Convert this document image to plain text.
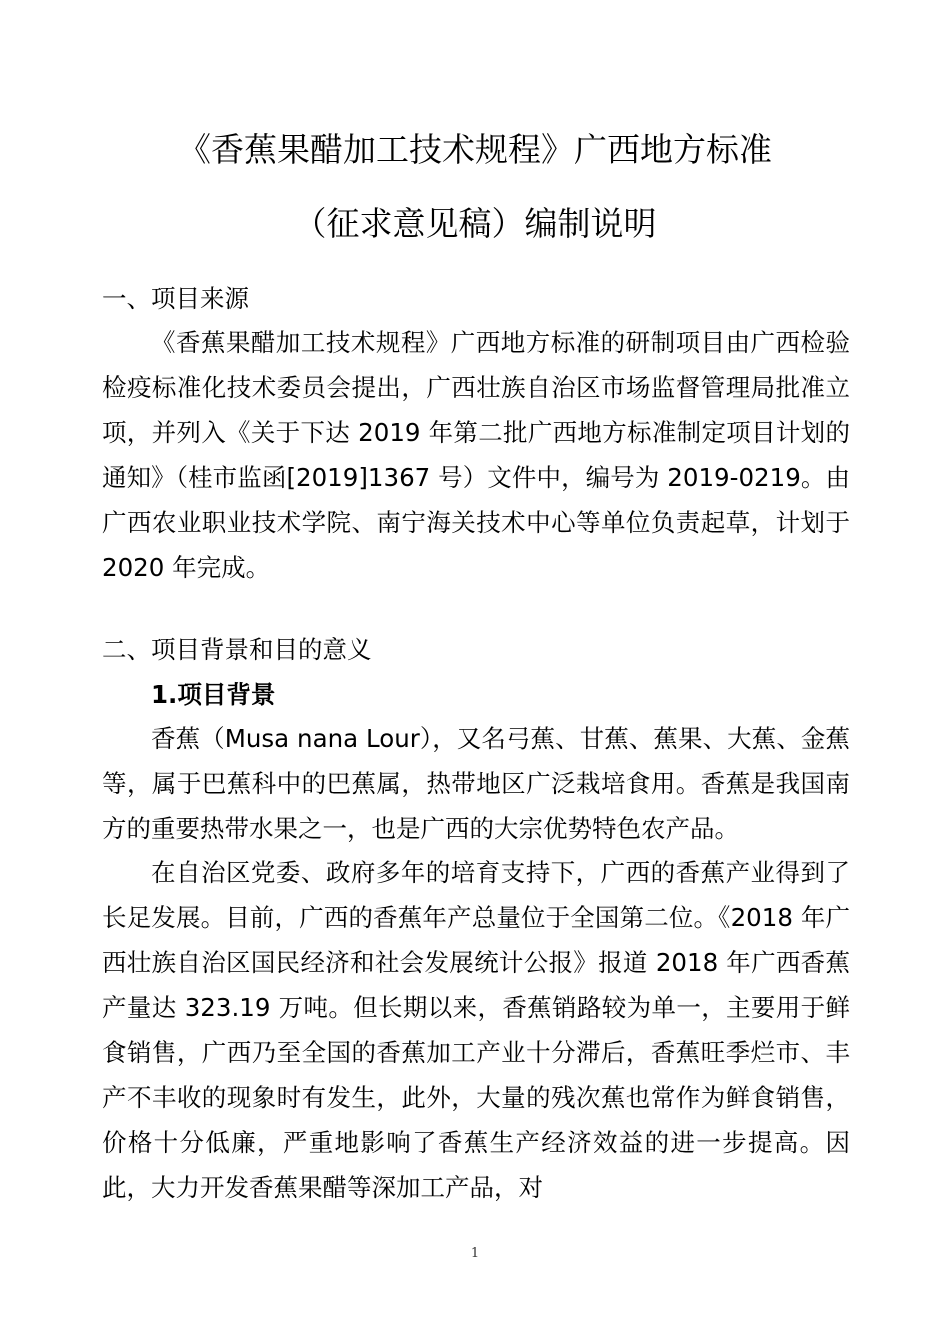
《香蕉果醋加工技术规程》广西地方标准
（征求意见稿）编制说明
一、项目来源

《香蕉果醋加工技术规程》广西地方标准的研制项目由广西检验检疫标准化技术委员会提出，广西壮族自治区市场监督管理局批准立项，并列入《关于下达 2019 年第二批广西地方标准制定项目计划的通知》（桂市监函[2019]1367 号）文件中，编号为 2019-0219。由广西农业职业技术学院、南宁海关技术中心等单位负责起草，计划于 2020 年完成。

二、项目背景和目的意义
1.项目背景

香蕉（Musa nana Lour），又名弓蕉、甘蕉、蕉果、大蕉、金蕉等，属于巴蕉科中的巴蕉属，热带地区广泛栽培食用。香蕉是我国南方的重要热带水果之一，也是广西的大宗优势特色农产品。

在自治区党委、政府多年的培育支持下，广西的香蕉产业得到了长足发展。目前，广西的香蕉年产总量位于全国第二位。《2018 年广西壮族自治区国民经济和社会发展统计公报》报道 2018 年广西香蕉产量达 323.19 万吨。但长期以来，香蕉销路较为单一，主要用于鲜食销售，广西乃至全国的香蕉加工产业十分滞后，香蕉旺季烂市、丰产不丰收的现象时有发生，此外，大量的残次蕉也常作为鲜食销售，价格十分低廉，严重地影响了香蕉生产经济效益的进一步提高。因此，大力开发香蕉果醋等深加工产品，对

1
